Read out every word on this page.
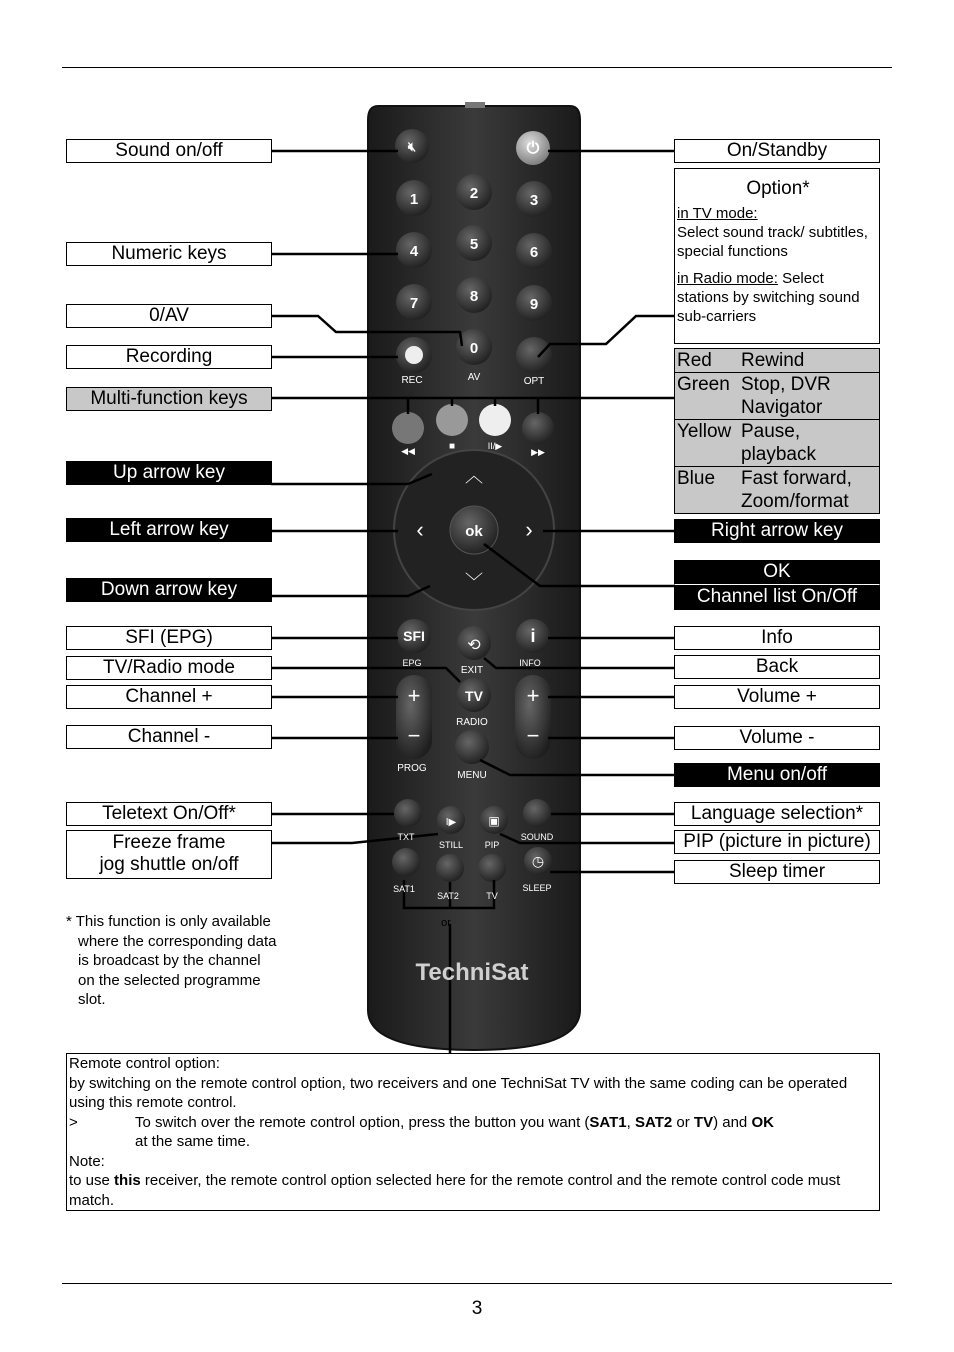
🔇︎	⏻
1	2	3
4	5	6
7	8	9
0
REC	AV	OPT
ok
SFI
EPG
EXIT
i
INFO
TV
RADIO
PROG
MENU
TXT
STILL PIP
SOUND
SAT1
SAT2	TV
SLEEP
◀◀	■	II/▶
▶▶
︿
‹	›
﹀
⟲
+	+
−	−
I▶	▣
◷
TechniSat
or
Sound on/off
Numeric keys
0/AV
Recording
Multi-function keys
Up arrow key
Left arrow key
Down arrow key
SFI (EPG)
TV/Radio mode
Channel +
Channel -
Teletext On/Off*
Freeze frame
jog shuttle on/off
On/Standby
Option*
in TV mode:
Select sound track/ subtitles, special functions
in Radio mode: Select stations by switching sound sub-carriers
Red	Rewind
Green Stop, DVR Navigator
Yellow Pause, playback
Blue	Fast forward, Zoom/format
Right arrow key
OK
Channel list On/Off
Info
Back
Volume +
Volume -
Menu on/off
Language selection*
PIP (picture in picture)
Sleep timer
* This function is only available where the corresponding data is broadcast by the channel on the selected programme slot.
Remote control option:
by switching on the remote control option, two receivers and one TechniSat TV with the same coding can be operated using this remote control.
>	To switch over the remote control option, press the button you want (SAT1, SAT2 or TV) and OK
at the same time.
Note:
to use this receiver, the remote control option selected here for the remote control and the remote control code must match.
3
